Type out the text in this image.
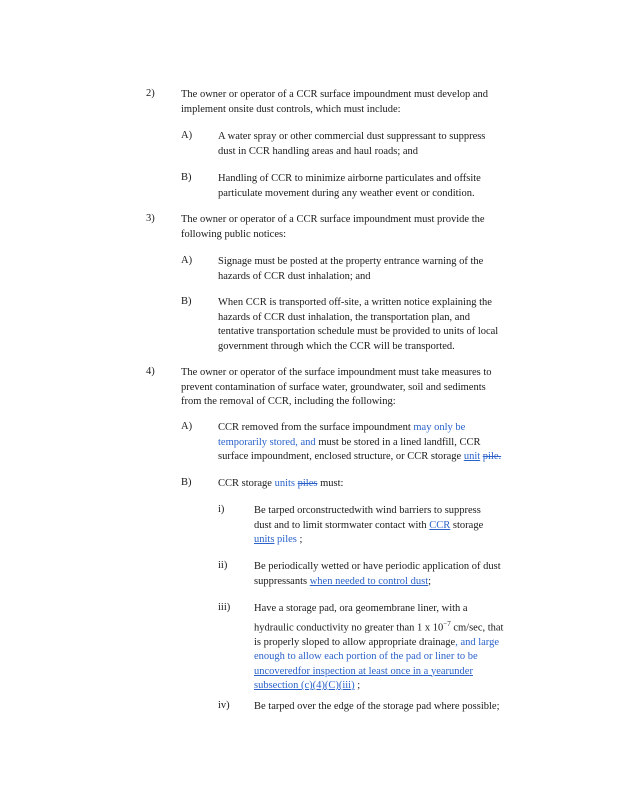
2)	The owner or operator of a CCR surface impoundment must develop and

implement onsite dust controls, which must include:

A) A water spray or other commercial dust suppressant to suppress

dust in CCR handling areas and haul roads; and

B)	Handling of CCR to minimize airborne particulates and offsite

particulate movement during any weather event or condition.

3)	The owner or operator of a CCR surface impoundment must provide the

following public notices:

A) Signage must be posted at the property entrance warning of the

hazards of CCR dust inhalation; and

B)	When CCR is transported off-site, a written notice explaining the

hazards of CCR dust inhalation, the transportation plan, and

tentative transportation schedule must be provided to units of local

government through which the CCR will be transported.

4)	The owner or operator of the surface impoundment must take measures to

prevent contamination of surface water, groundwater, soil and sediments

from the removal of CCR, including the following:

A) CCR removed from the surface impoundment may only be

temporarily stored, and must be stored in a lined landfill, CCR

surface impoundment, enclosed structure, or CCR storage unit pile.

B)	CCR storage units piles must:

i)	Be tarped orconstructedwith wind barriers to suppress

dust and to limit stormwater contact with CCR storage

units piles ;

ii)	Be periodically wetted or have periodic application of dust

suppressants when needed to control dust;

iii) Have a storage pad, ora geomembrane liner, with a

hydraulic conductivity no greater than 1 x $10^{-7}$ cm/sec, that

is properly sloped to allow appropriate drainage, and large

enough to allow each portion of the pad or liner to be

uncoveredfor inspection at least once in a yearunder

subsection (c)(4)(C)(iii) ;

iv) Be tarped over the edge of the storage pad where possible;
